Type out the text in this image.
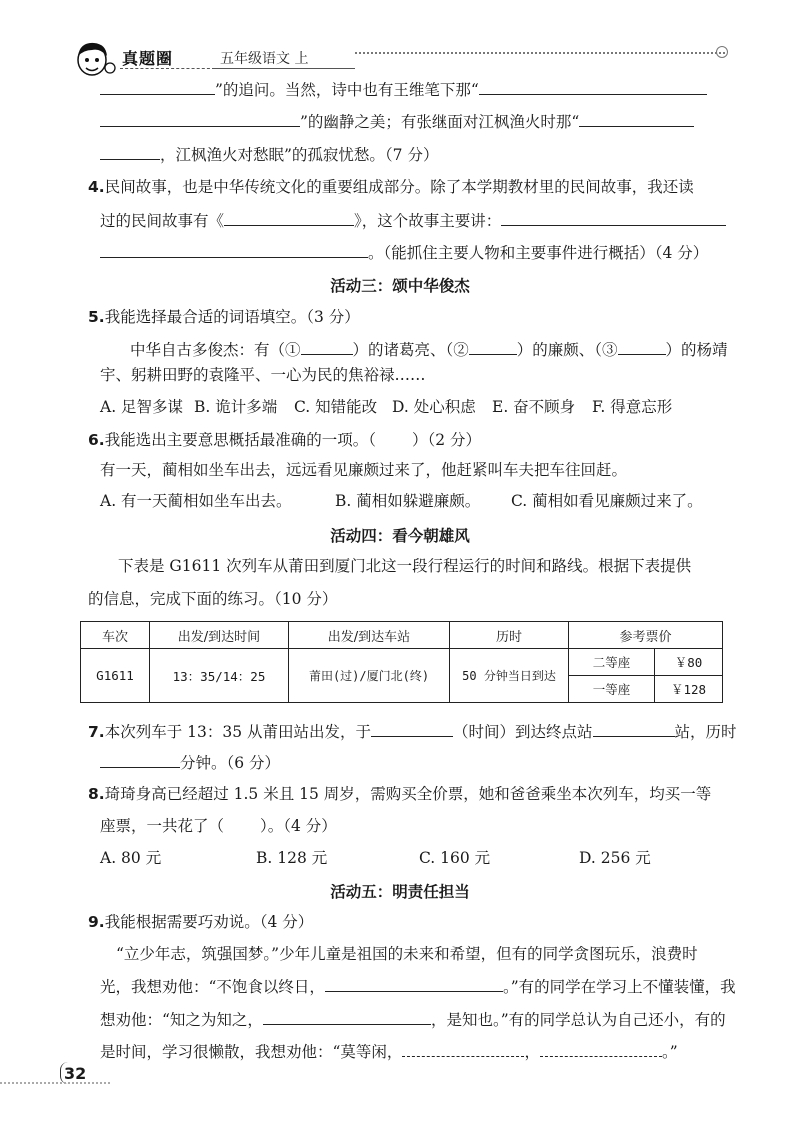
真题圈	五年级语文 上
”的追问。当然，诗中也有王维笔下那“
”的幽静之美；有张继面对江枫渔火时那“
，江枫渔火对愁眠”的孤寂忧愁。（7 分）
4.民间故事，也是中华传统文化的重要组成部分。除了本学期教材里的民间故事，我还读
过的民间故事有《	》，这个故事主要讲：
。（能抓住主要人物和主要事件进行概括）（4 分）
活动三：颂中华俊杰
5.我能选择最合适的词语填空。（3 分）
中华自古多俊杰：有（①	）的诸葛亮、（②	）的廉颇、（③	）的杨靖
宇、躬耕田野的袁隆平、一心为民的焦裕禄……
A. 足智多谋 B. 诡计多端 C. 知错能改 D. 处心积虑 E. 奋不顾身 F. 得意忘形
6.我能选出主要意思概括最准确的一项。（ ）（2 分）
有一天，蔺相如坐车出去，远远看见廉颇过来了，他赶紧叫车夫把车往回赶。
A. 有一天蔺相如坐车出去。	B. 蔺相如躲避廉颇。 C. 蔺相如看见廉颇过来了。
活动四：看今朝雄风
下表是 G1611 次列车从莆田到厦门北这一段行程运行的时间和路线。根据下表提供
的信息，完成下面的练习。（10 分）
车次	出发/到达时间	出发/到达车站	历时	参考票价	
G1611	13：35/14：25	莆田(过)/厦门北(终)	50 分钟当日到达	二等座	￥80
				一等座	￥128
7.本次列车于 13：35 从莆田站出发，于	（时间）到达终点站	站，历时
分钟。（6 分）
8.琦琦身高已经超过 1.5 米且 15 周岁，需购买全价票，她和爸爸乘坐本次列车，均买一等
座票，一共花了（ ）。（4 分）
A. 80 元	B. 128 元	C. 160 元	D. 256 元
活动五：明责任担当
9.我能根据需要巧劝说。（4 分）
“立少年志，筑强国梦。”少年儿童是祖国的未来和希望，但有的同学贪图玩乐，浪费时
光，我想劝他：“不饱食以终日，	。”有的同学在学习上不懂装懂，我
想劝他：“知之为知之，	，是知也。”有的同学总认为自己还小，有的
是时间，学习很懒散，我想劝他：“莫等闲，	，	。”
32
